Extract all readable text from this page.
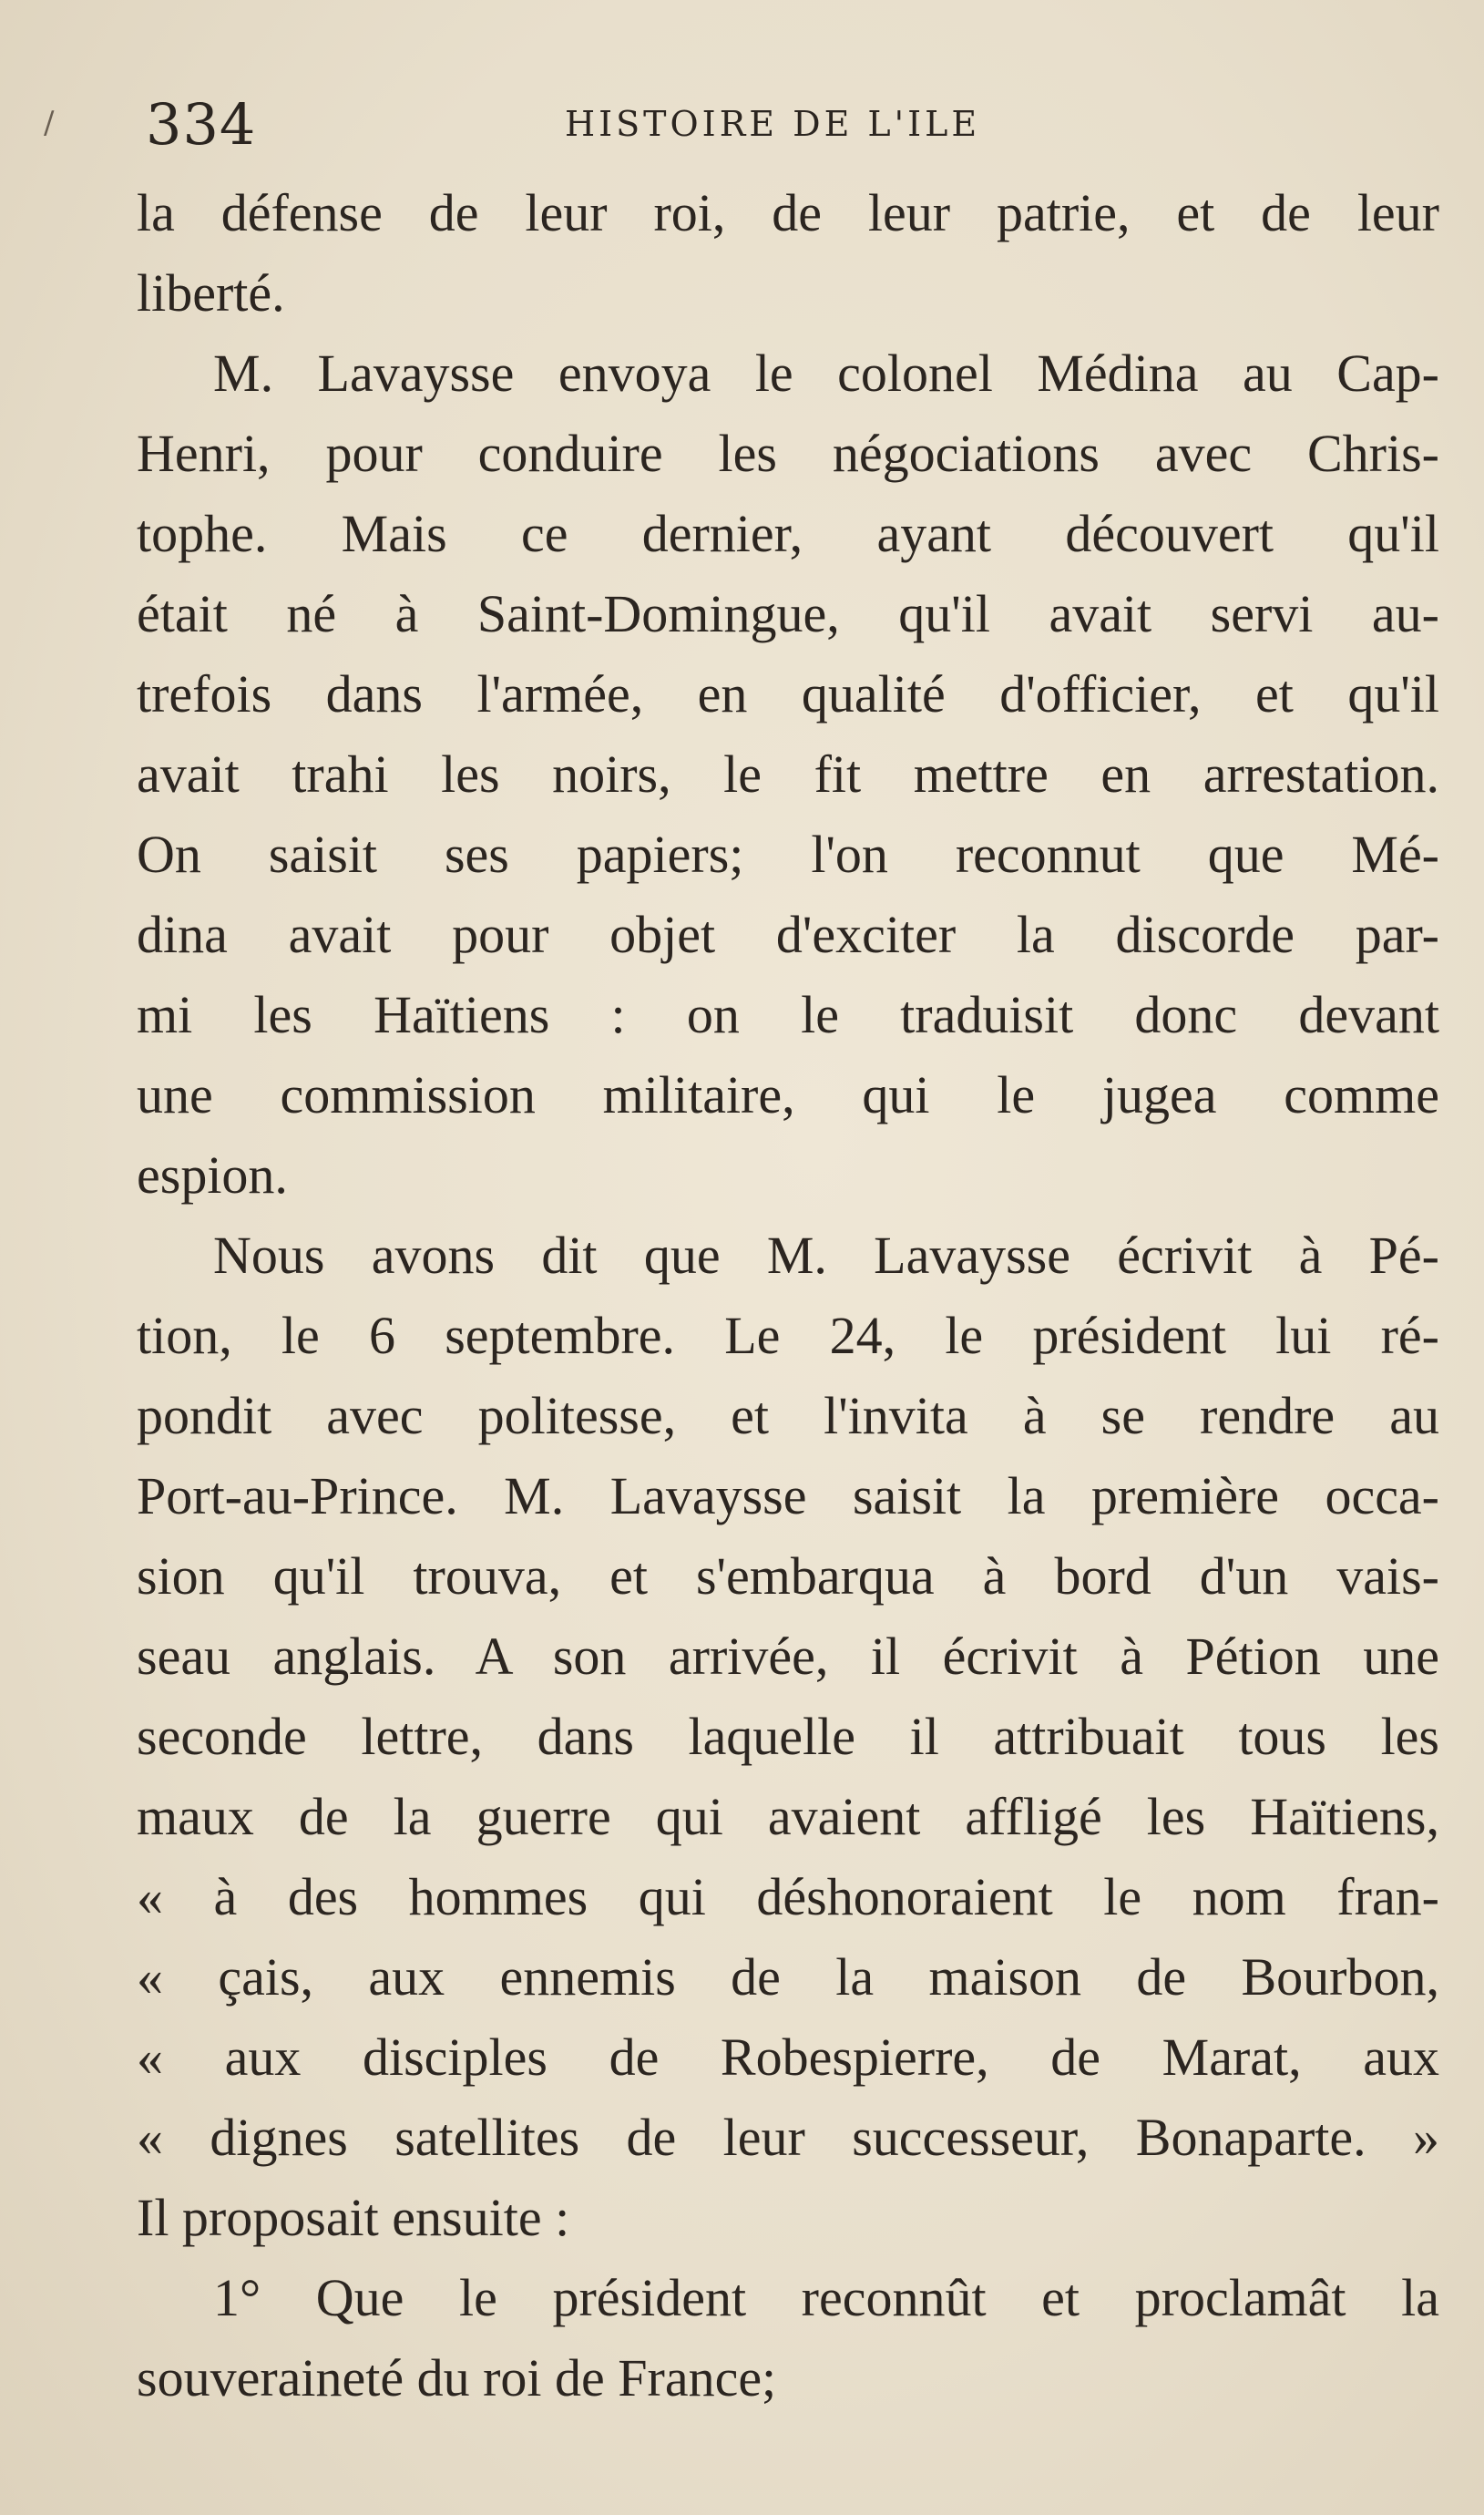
/ 334	HISTOIRE DE L'ILE
la défense de leur roi, de leur patrie, et de leur
liberté.
M. Lavaysse envoya le colonel Médina au Cap-
Henri, pour conduire les négociations avec Chris-
tophe. Mais ce dernier, ayant découvert qu'il
était né à Saint-Domingue, qu'il avait servi au-
trefois dans l'armée, en qualité d'officier, et qu'il
avait trahi les noirs, le fit mettre en arrestation.
On saisit ses papiers; l'on reconnut que Mé-
dina avait pour objet d'exciter la discorde par-
mi les Haïtiens : on le traduisit donc devant
une commission militaire, qui le jugea comme
espion.
Nous avons dit que M. Lavaysse écrivit à Pé-
tion, le 6 septembre. Le 24, le président lui ré-
pondit avec politesse, et l'invita à se rendre au
Port-au-Prince. M. Lavaysse saisit la première occa-
sion qu'il trouva, et s'embarqua à bord d'un vais-
seau anglais. A son arrivée, il écrivit à Pétion une
seconde lettre, dans laquelle il attribuait tous les
maux de la guerre qui avaient affligé les Haïtiens,
« à des hommes qui déshonoraient le nom fran-
« çais, aux ennemis de la maison de Bourbon,
« aux disciples de Robespierre, de Marat, aux
« dignes satellites de leur successeur, Bonaparte. »
Il proposait ensuite :
1° Que le président reconnût et proclamât la
souveraineté du roi de France;
